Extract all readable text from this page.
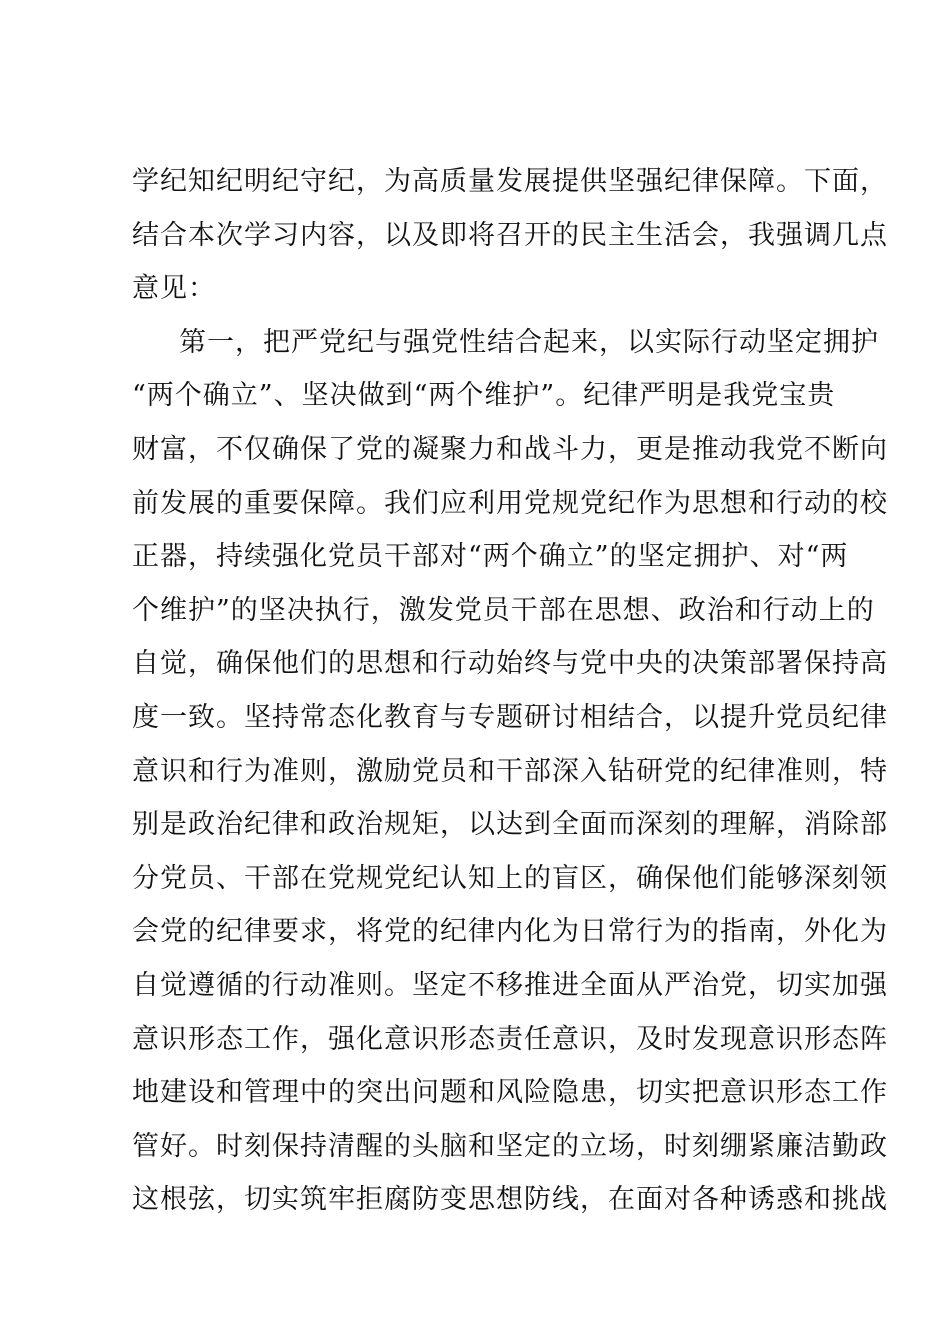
学纪知纪明纪守纪，为高质量发展提供坚强纪律保障。下面，
结合本次学习内容，以及即将召开的民主生活会，我强调几点
意见：
第一，把严党纪与强党性结合起来，以实际行动坚定拥护
“两个确立”、坚决做到“两个维护”。纪律严明是我党宝贵
财富，不仅确保了党的凝聚力和战斗力，更是推动我党不断向
前发展的重要保障。我们应利用党规党纪作为思想和行动的校
正器，持续强化党员干部对“两个确立”的坚定拥护、对“两
个维护”的坚决执行，激发党员干部在思想、政治和行动上的
自觉，确保他们的思想和行动始终与党中央的决策部署保持高
度一致。坚持常态化教育与专题研讨相结合，以提升党员纪律
意识和行为准则，激励党员和干部深入钻研党的纪律准则，特
别是政治纪律和政治规矩，以达到全面而深刻的理解，消除部
分党员、干部在党规党纪认知上的盲区，确保他们能够深刻领
会党的纪律要求，将党的纪律内化为日常行为的指南，外化为
自觉遵循的行动准则。坚定不移推进全面从严治党，切实加强
意识形态工作，强化意识形态责任意识，及时发现意识形态阵
地建设和管理中的突出问题和风险隐患，切实把意识形态工作
管好。时刻保持清醒的头脑和坚定的立场，时刻绷紧廉洁勤政
这根弦，切实筑牢拒腐防变思想防线，在面对各种诱惑和挑战
